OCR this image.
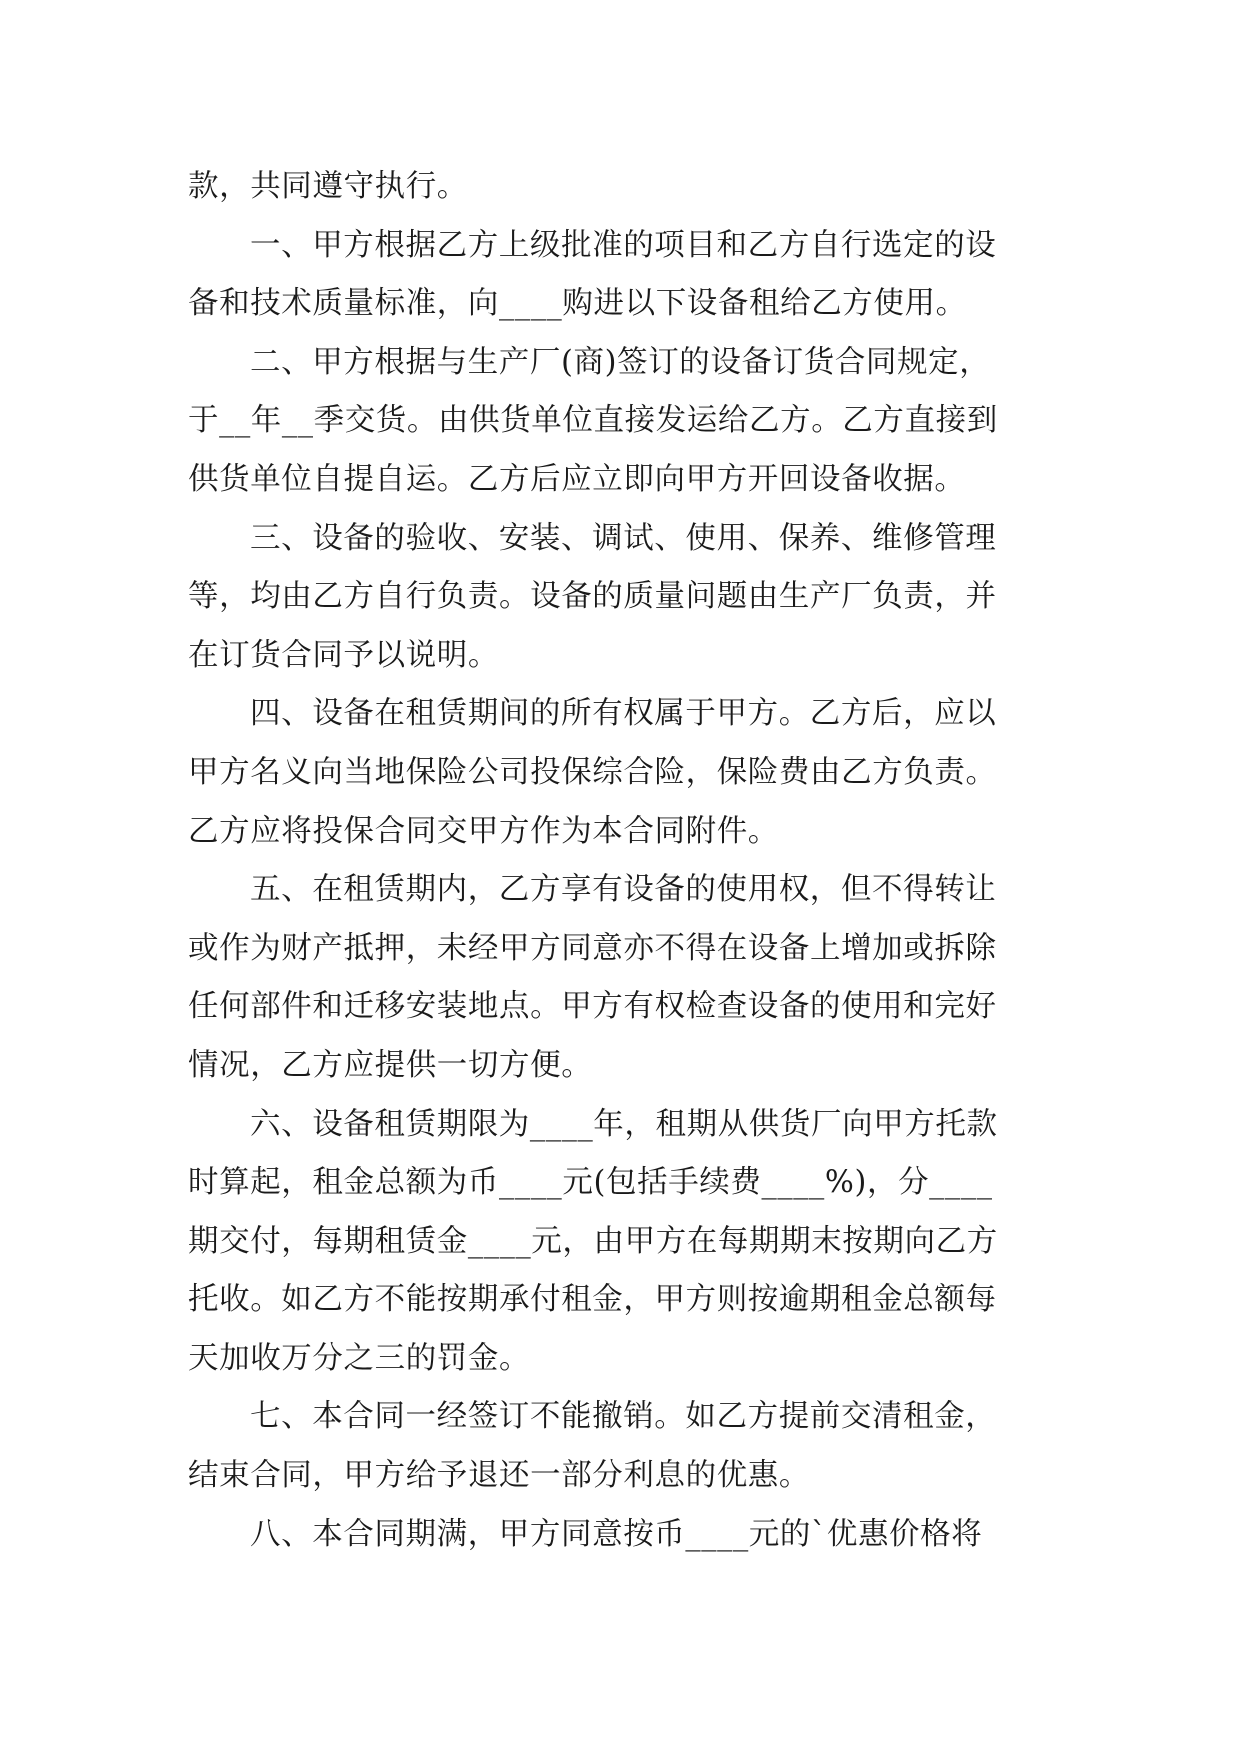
款，共同遵守执行。
一、甲方根据乙方上级批准的项目和乙方自行选定的设
备和技术质量标准，向____购进以下设备租给乙方使用。
二、甲方根据与生产厂(商)签订的设备订货合同规定，
于__年__季交货。由供货单位直接发运给乙方。乙方直接到
供货单位自提自运。乙方后应立即向甲方开回设备收据。
三、设备的验收、安装、调试、使用、保养、维修管理
等，均由乙方自行负责。设备的质量问题由生产厂负责，并
在订货合同予以说明。
四、设备在租赁期间的所有权属于甲方。乙方后，应以
甲方名义向当地保险公司投保综合险，保险费由乙方负责。
乙方应将投保合同交甲方作为本合同附件。
五、在租赁期内，乙方享有设备的使用权，但不得转让
或作为财产抵押，未经甲方同意亦不得在设备上增加或拆除
任何部件和迁移安装地点。甲方有权检查设备的使用和完好
情况，乙方应提供一切方便。
六、设备租赁期限为____年，租期从供货厂向甲方托款
时算起，租金总额为币____元(包括手续费____%)，分____
期交付，每期租赁金____元，由甲方在每期期末按期向乙方
托收。如乙方不能按期承付租金，甲方则按逾期租金总额每
天加收万分之三的罚金。
七、本合同一经签订不能撤销。如乙方提前交清租金，
结束合同，甲方给予退还一部分利息的优惠。
八、本合同期满，甲方同意按币____元的`优惠价格将
